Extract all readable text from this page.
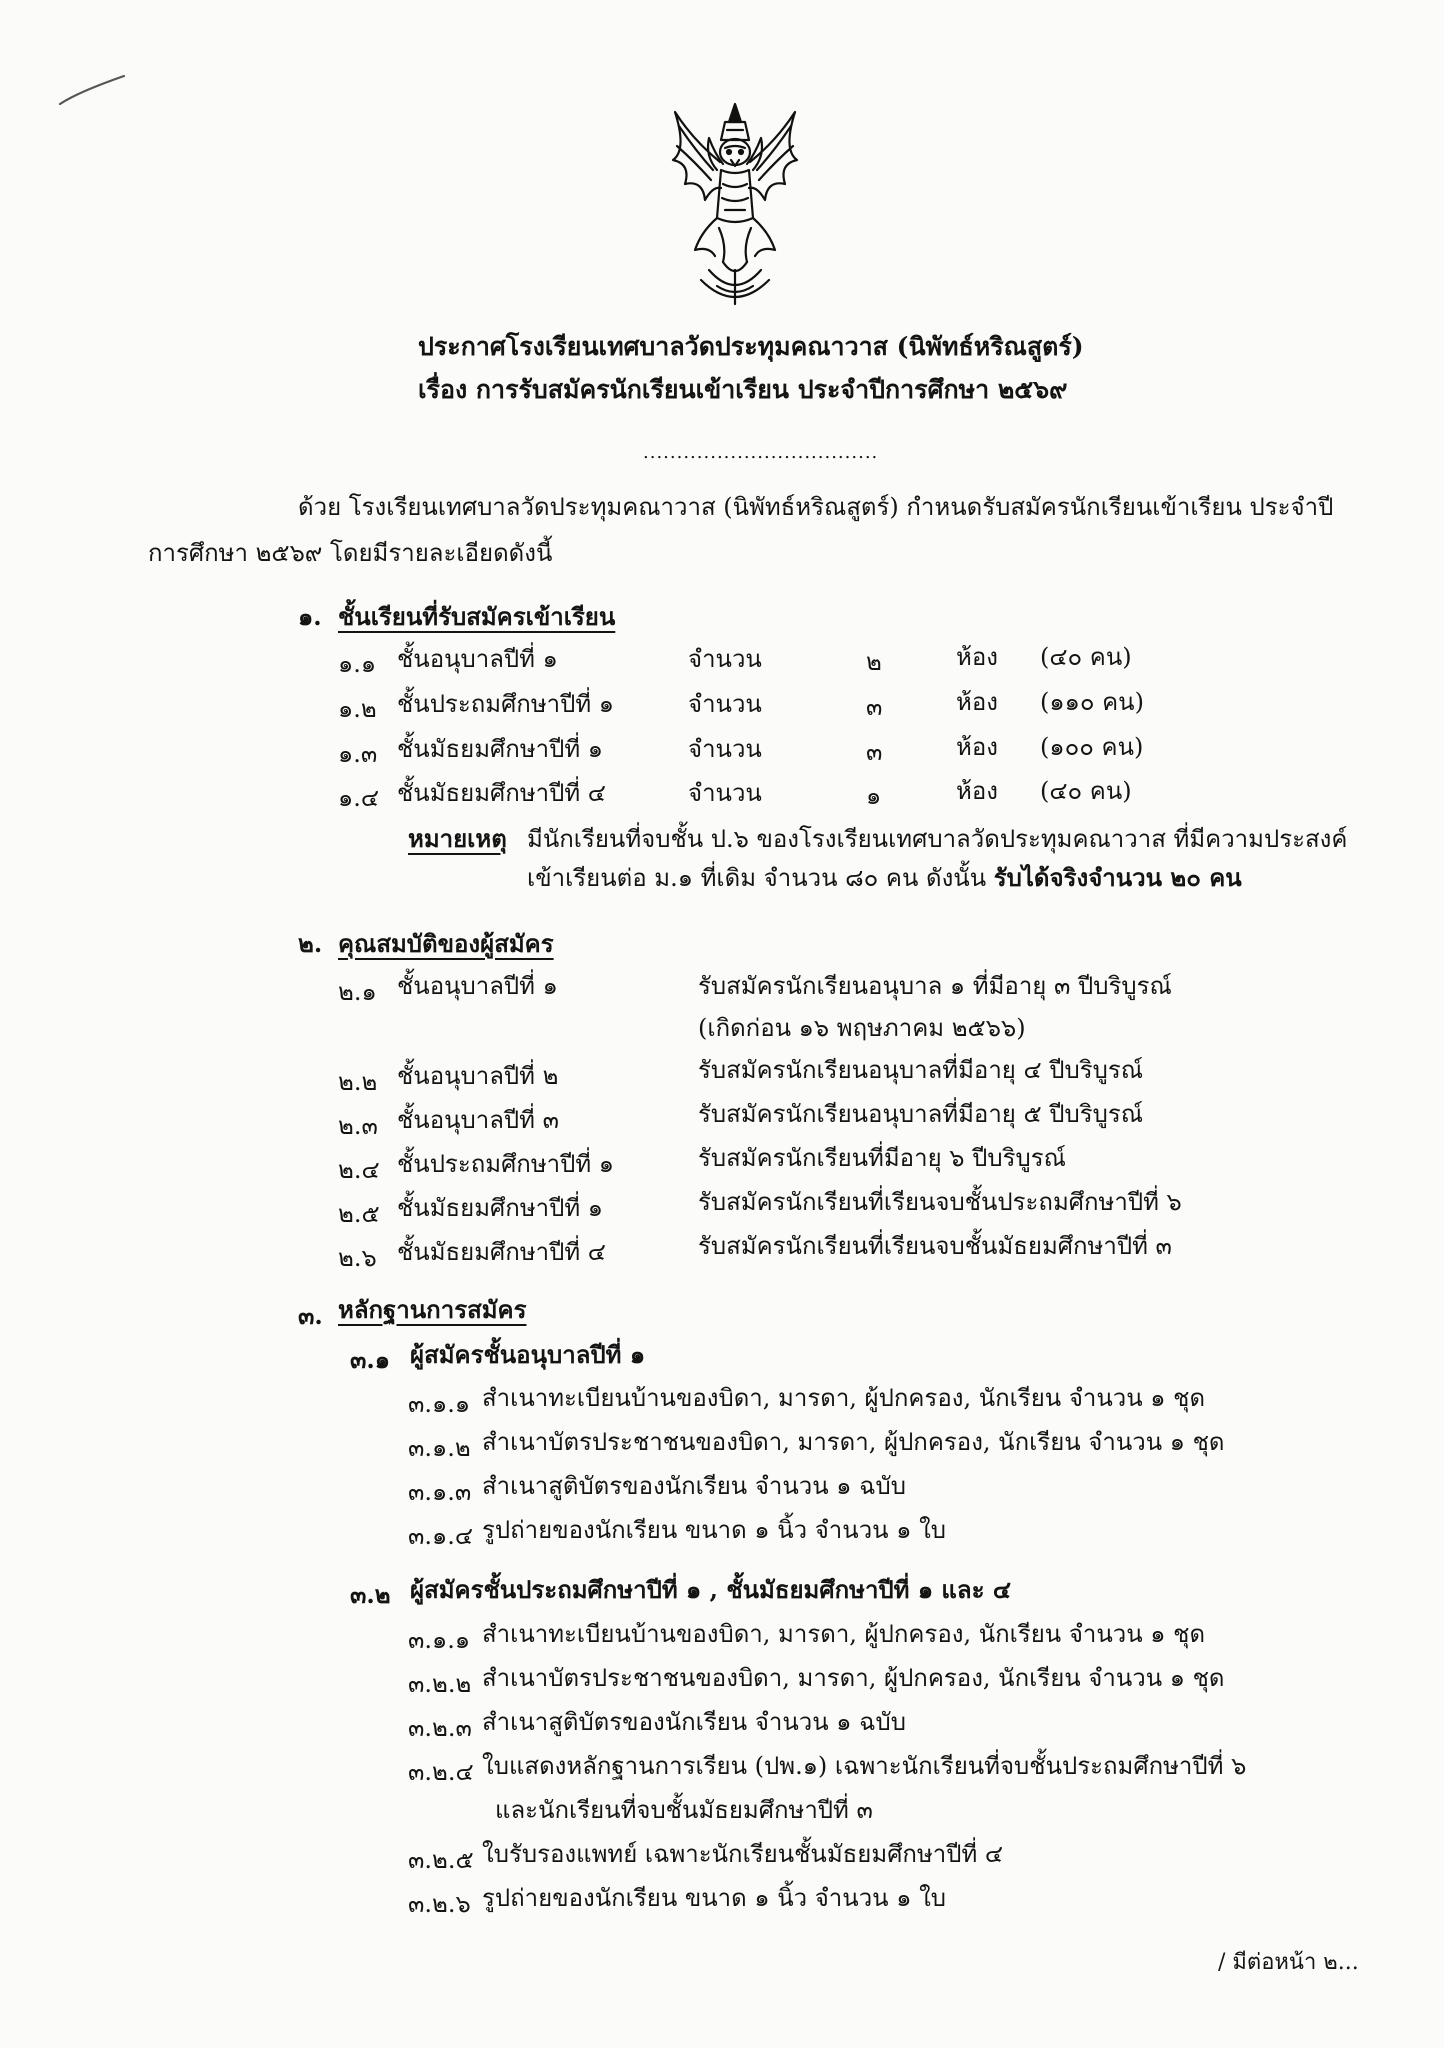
ประกาศโรงเรียนเทศบาลวัดประทุมคณาวาส (นิพัทธ์หริณสูตร์)
เรื่อง การรับสมัครนักเรียนเข้าเรียน ประจำปีการศึกษา ๒๕๖๙
...................................
ด้วย โรงเรียนเทศบาลวัดประทุมคณาวาส (นิพัทธ์หริณสูตร์) กำหนดรับสมัครนักเรียนเข้าเรียน ประจำปี
การศึกษา ๒๕๖๙ โดยมีรายละเอียดดังนี้
๑. ชั้นเรียนที่รับสมัครเข้าเรียน
๑.๑ ชั้นอนุบาลปีที่ ๑	จำนวน	๒	ห้อง (๔๐ คน)
๑.๒ ชั้นประถมศึกษาปีที่ ๑	จำนวน	๓	ห้อง (๑๑๐ คน)
๑.๓ ชั้นมัธยมศึกษาปีที่ ๑	จำนวน	๓	ห้อง (๑๐๐ คน)
๑.๔ ชั้นมัธยมศึกษาปีที่ ๔	จำนวน	๑	ห้อง (๔๐ คน)
หมายเหตุ มีนักเรียนที่จบชั้น ป.๖ ของโรงเรียนเทศบาลวัดประทุมคณาวาส ที่มีความประสงค์
เข้าเรียนต่อ ม.๑ ที่เดิม จำนวน ๘๐ คน ดังนั้น รับได้จริงจำนวน ๒๐ คน
๒. คุณสมบัติของผู้สมัคร
๒.๑ ชั้นอนุบาลปีที่ ๑	รับสมัครนักเรียนอนุบาล ๑ ที่มีอายุ ๓ ปีบริบูรณ์
(เกิดก่อน ๑๖ พฤษภาคม ๒๕๖๖)
๒.๒ ชั้นอนุบาลปีที่ ๒	รับสมัครนักเรียนอนุบาลที่มีอายุ ๔ ปีบริบูรณ์
๒.๓ ชั้นอนุบาลปีที่ ๓	รับสมัครนักเรียนอนุบาลที่มีอายุ ๕ ปีบริบูรณ์
๒.๔ ชั้นประถมศึกษาปีที่ ๑	รับสมัครนักเรียนที่มีอายุ ๖ ปีบริบูรณ์
๒.๕ ชั้นมัธยมศึกษาปีที่ ๑	รับสมัครนักเรียนที่เรียนจบชั้นประถมศึกษาปีที่ ๖
๒.๖ ชั้นมัธยมศึกษาปีที่ ๔	รับสมัครนักเรียนที่เรียนจบชั้นมัธยมศึกษาปีที่ ๓
๓. หลักฐานการสมัคร
๓.๑ ผู้สมัครชั้นอนุบาลปีที่ ๑
๓.๑.๑ สำเนาทะเบียนบ้านของบิดา, มารดา, ผู้ปกครอง, นักเรียน จำนวน ๑ ชุด
๓.๑.๒ สำเนาบัตรประชาชนของบิดา, มารดา, ผู้ปกครอง, นักเรียน จำนวน ๑ ชุด
๓.๑.๓ สำเนาสูติบัตรของนักเรียน จำนวน ๑ ฉบับ
๓.๑.๔ รูปถ่ายของนักเรียน ขนาด ๑ นิ้ว จำนวน ๑ ใบ
๓.๒ ผู้สมัครชั้นประถมศึกษาปีที่ ๑ , ชั้นมัธยมศึกษาปีที่ ๑ และ ๔
๓.๑.๑ สำเนาทะเบียนบ้านของบิดา, มารดา, ผู้ปกครอง, นักเรียน จำนวน ๑ ชุด
๓.๒.๒ สำเนาบัตรประชาชนของบิดา, มารดา, ผู้ปกครอง, นักเรียน จำนวน ๑ ชุด
๓.๒.๓ สำเนาสูติบัตรของนักเรียน จำนวน ๑ ฉบับ
๓.๒.๔ ใบแสดงหลักฐานการเรียน (ปพ.๑) เฉพาะนักเรียนที่จบชั้นประถมศึกษาปีที่ ๖
และนักเรียนที่จบชั้นมัธยมศึกษาปีที่ ๓
๓.๒.๕ ใบรับรองแพทย์ เฉพาะนักเรียนชั้นมัธยมศึกษาปีที่ ๔
๓.๒.๖ รูปถ่ายของนักเรียน ขนาด ๑ นิ้ว จำนวน ๑ ใบ
/ มีต่อหน้า ๒...
